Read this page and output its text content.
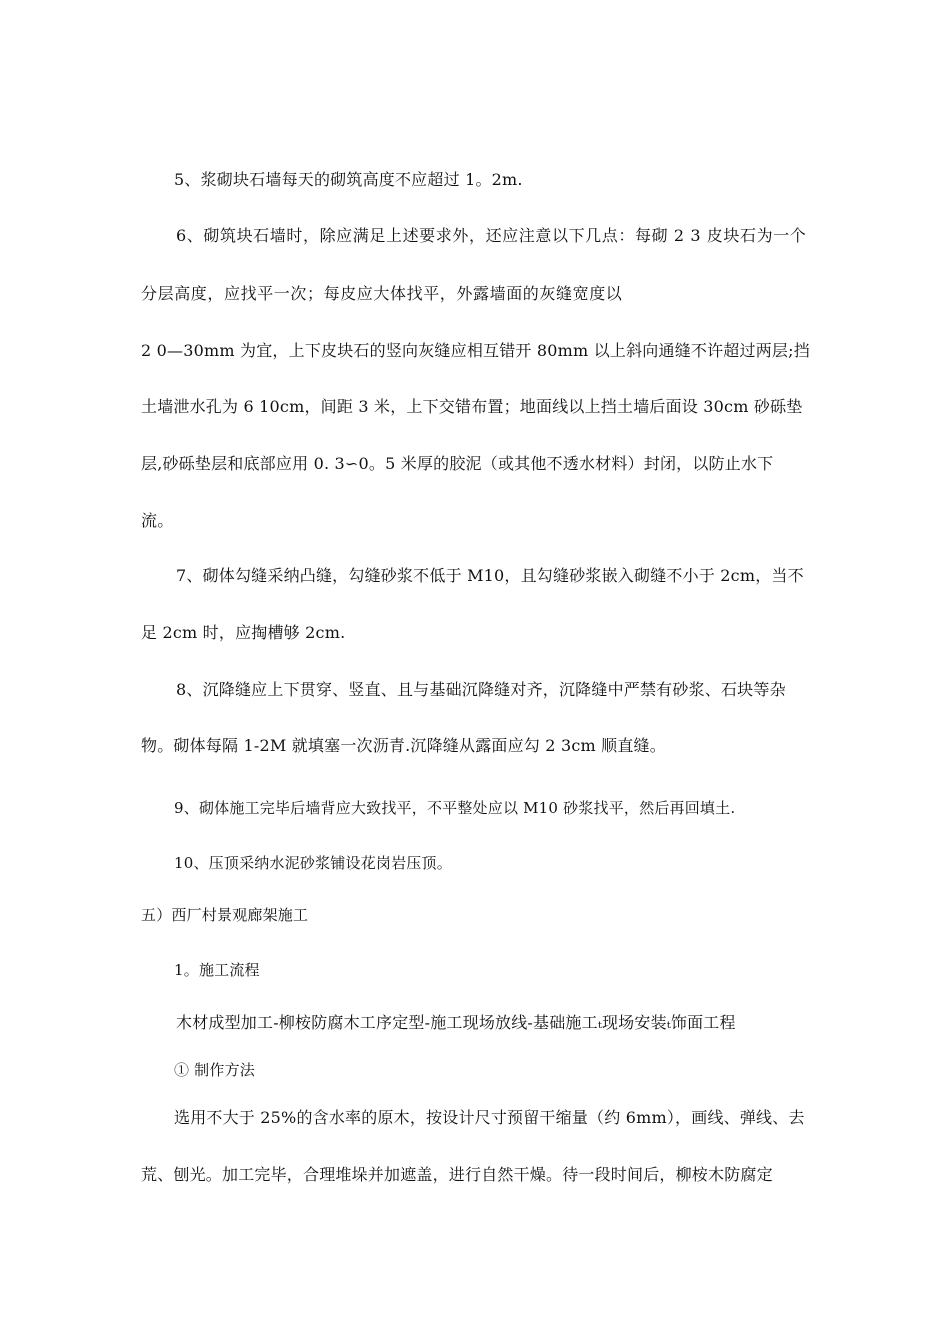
5、浆砌块石墙每天的砌筑高度不应超过 1。2m.
6、砌筑块石墙时，除应满足上述要求外，还应注意以下几点：每砌 2 3 皮块石为一个
分层高度，应找平一次；每皮应大体找平，外露墙面的灰缝宽度以
2 0—30mm 为宜，上下皮块石的竖向灰缝应相互错开 80mm 以上斜向通缝不许超过两层;挡
土墙泄水孔为 6 10cm，间距 3 米，上下交错布置；地面线以上挡土墙后面设 30cm 砂砾垫
层,砂砾垫层和底部应用 0. 3∽0。5 米厚的胶泥（或其他不透水材料）封闭，以防止水下
流。
7、砌体勾缝采纳凸缝，勾缝砂浆不低于 M10，且勾缝砂浆嵌入砌缝不小于 2cm，当不
足 2cm 时，应掏槽够 2cm.
8、沉降缝应上下贯穿、竖直、且与基础沉降缝对齐，沉降缝中严禁有砂浆、石块等杂
物。砌体每隔 1-2M 就填塞一次沥青.沉降缝从露面应勾 2 3cm 顺直缝。
9、砌体施工完毕后墙背应大致找平，不平整处应以 M10 砂浆找平，然后再回填土.
10、压顶采纳水泥砂浆铺设花岗岩压顶。
五）西厂村景观廊架施工
1。施工流程
木材成型加工-柳桉防腐木工序定型-施工现场放线-基础施工ₜ现场安装ₜ饰面工程
① 制作方法
选用不大于 25%的含水率的原木，按设计尺寸预留干缩量（约 6mm），画线、弹线、去
荒、刨光。加工完毕，合理堆垛并加遮盖，进行自然干燥。待一段时间后，柳桉木防腐定
